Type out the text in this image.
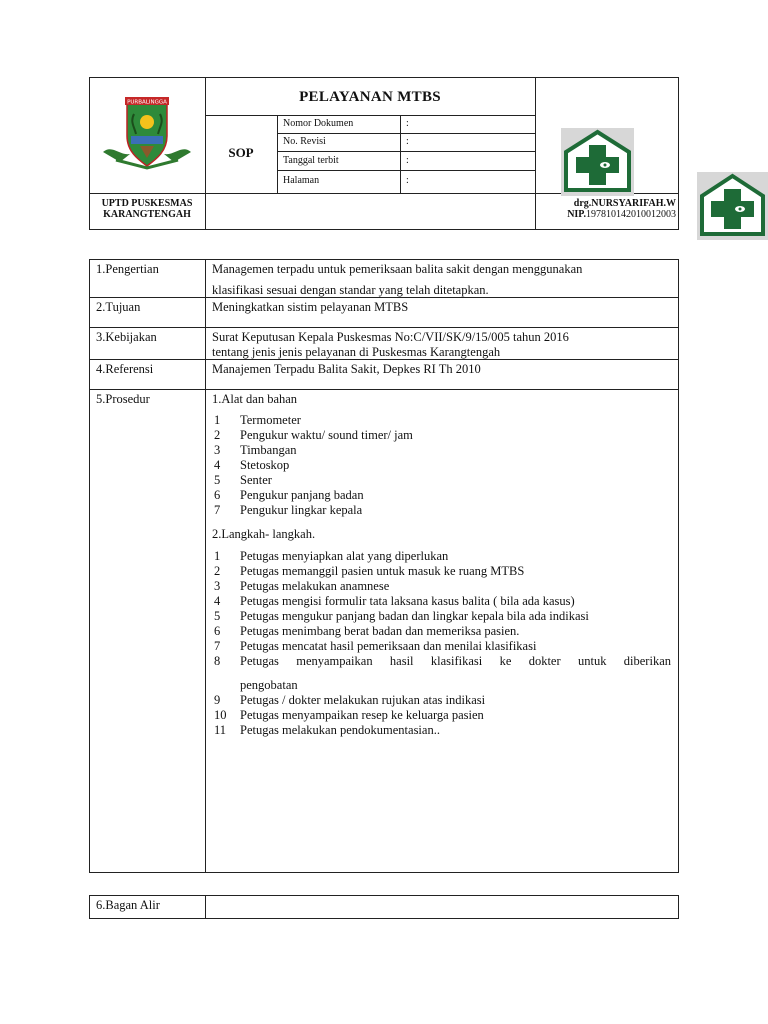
PELAYANAN MTBS
SOP
Nomor Dokumen	:
No. Revisi	:
Tanggal terbit	:
Halaman	:
PURBALINGGA
UPTD PUSKESMAS
KARANGTENGAH
drg.NURSYARIFAH.W
NIP.197810142010012003
1.Pengertian	Managemen terpadu untuk pemeriksaan balita sakit dengan menggunakan
klasifikasi sesuai dengan standar yang telah ditetapkan.
2.Tujuan	Meningkatkan sistim pelayanan MTBS
3.Kebijakan	Surat Keputusan Kepala Puskesmas No:C/VII/SK/9/15/005 tahun 2016
tentang jenis jenis pelayanan di Puskesmas Karangtengah
4.Referensi	Manajemen Terpadu Balita Sakit, Depkes RI Th 2010
5.Prosedur	1.Alat dan bahan
1	Termometer
2	Pengukur waktu/ sound timer/ jam
3	Timbangan
4	Stetoskop
5	Senter
6	Pengukur panjang badan
7	Pengukur lingkar kepala
2.Langkah- langkah.
1	Petugas menyiapkan alat yang diperlukan
2	Petugas memanggil pasien untuk masuk ke ruang MTBS
3	Petugas melakukan anamnese
4	Petugas mengisi formulir tata laksana kasus balita ( bila ada kasus)
5	Petugas mengukur panjang badan dan lingkar kepala bila ada indikasi
6	Petugas menimbang berat badan dan memeriksa pasien.
7	Petugas mencatat hasil pemeriksaan dan menilai klasifikasi
8	Petugas menyampaikan hasil klasifikasi ke dokter untuk diberikan
pengobatan
9	Petugas / dokter melakukan rujukan atas indikasi
10	Petugas menyampaikan resep ke keluarga pasien
11	Petugas melakukan pendokumentasian..
6.Bagan Alir
